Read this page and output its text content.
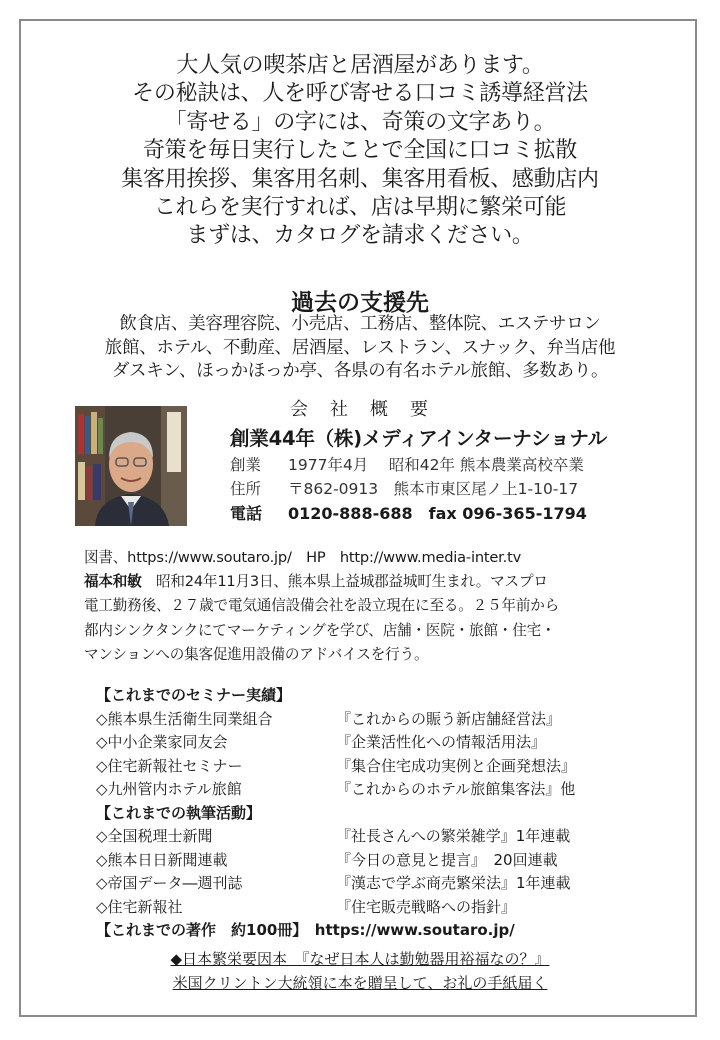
大人気の喫茶店と居酒屋があります。
その秘訣は、人を呼び寄せる口コミ誘導経営法
「寄せる」の字には、奇策の文字あり。
奇策を毎日実行したことで全国に口コミ拡散
集客用挨拶、集客用名刺、集客用看板、感動店内
これらを実行すれば、店は早期に繁栄可能
まずは、カタログを請求ください。
過去の支援先
飲食店、美容理容院、小売店、工務店、整体院、エステサロン
旅館、ホテル、不動産、居酒屋、レストラン、スナック、弁当店他
ダスキン、ほっかほっか亭、各県の有名ホテル旅館、多数あり。
会社概要
創業44年（株)メディアインターナショナル
創業 1977年4月　 昭和42年 熊本農業高校卒業
住所 〒862-0913　熊本市東区尾ノ上1-10-17
電話 0120-888-688　fax 096-365-1794
図書、https://www.soutaro.jp/　HP　http://www.media-inter.tv
福本和敏　昭和24年11月3日、熊本県上益城郡益城町生まれ。マスプロ
電工勤務後、２７歳で電気通信設備会社を設立現在に至る。２５年前から
都内シンクタンクにてマーケティングを学び、店舗・医院・旅館・住宅・
マンションへの集客促進用設備のアドバイスを行う。
【これまでのセミナー実績】
◇熊本県生活衛生同業組合	『これからの賑う新店舗経営法』
◇中小企業家同友会	『企業活性化への情報活用法』
◇住宅新報社セミナー	『集合住宅成功実例と企画発想法』
◇九州管内ホテル旅館	『これからのホテル旅館集客法』他
【これまでの執筆活動】
◇全国税理士新聞	『社長さんへの繁栄雑学』1年連載
◇熊本日日新聞連載	『今日の意見と提言』　20回連載
◇帝国データ―週刊誌	『漢志で学ぶ商売繁栄法』1年連載
◇住宅新報社	『住宅販売戦略への指針』
【これまでの著作　約100冊】　https://www.soutaro.jp/
◆日本繁栄要因本　『なぜ日本人は勤勉器用裕福なの？』
米国クリントン大統領に本を贈呈して、お礼の手紙届く
